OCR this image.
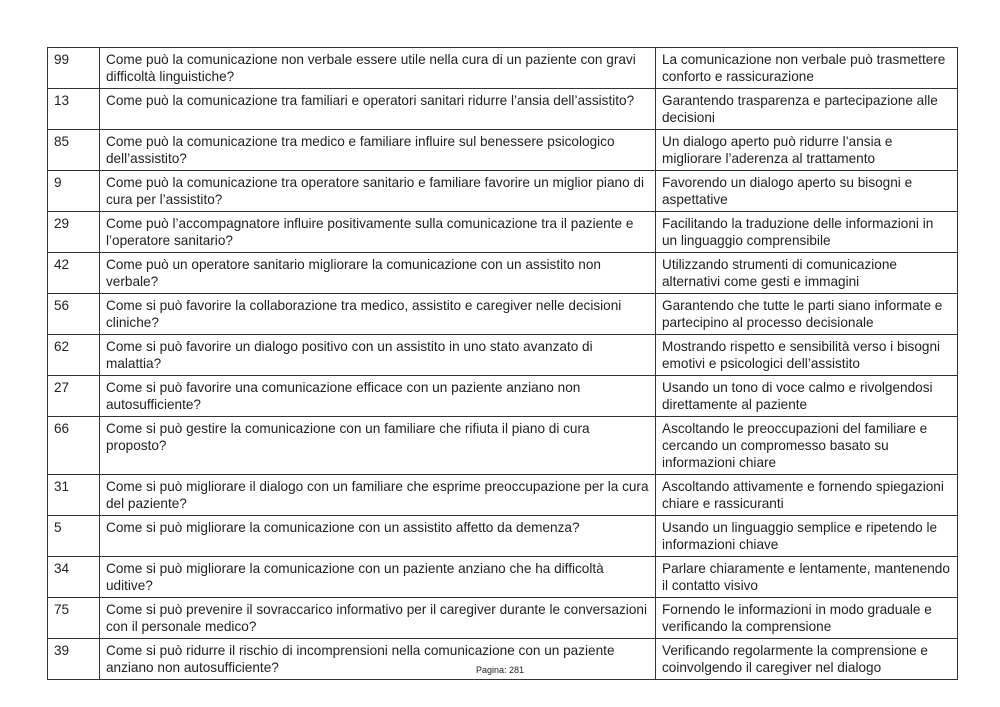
99	Come può la comunicazione non verbale essere utile nella cura di un paziente con gravi difficoltà linguistiche?	La comunicazione non verbale può trasmettere conforto e rassicurazione
13	Come può la comunicazione tra familiari e operatori sanitari ridurre l’ansia dell’assistito?	Garantendo trasparenza e partecipazione alle decisioni
85	Come può la comunicazione tra medico e familiare influire sul benessere psicologico dell’assistito?	Un dialogo aperto può ridurre l’ansia e migliorare l’aderenza al trattamento
9	Come può la comunicazione tra operatore sanitario e familiare favorire un miglior piano di cura per l’assistito?	Favorendo un dialogo aperto su bisogni e aspettative
29	Come può l’accompagnatore influire positivamente sulla comunicazione tra il paziente e l’operatore sanitario?	Facilitando la traduzione delle informazioni in un linguaggio comprensibile
42	Come può un operatore sanitario migliorare la comunicazione con un assistito non verbale?	Utilizzando strumenti di comunicazione alternativi come gesti e immagini
56	Come si può favorire la collaborazione tra medico, assistito e caregiver nelle decisioni cliniche?	Garantendo che tutte le parti siano informate e partecipino al processo decisionale
62	Come si può favorire un dialogo positivo con un assistito in uno stato avanzato di malattia?	Mostrando rispetto e sensibilità verso i bisogni emotivi e psicologici dell’assistito
27	Come si può favorire una comunicazione efficace con un paziente anziano non autosufficiente?	Usando un tono di voce calmo e rivolgendosi direttamente al paziente
66	Come si può gestire la comunicazione con un familiare che rifiuta il piano di cura proposto?	Ascoltando le preoccupazioni del familiare e cercando un compromesso basato su informazioni chiare
31	Come si può migliorare il dialogo con un familiare che esprime preoccupazione per la cura del paziente?	Ascoltando attivamente e fornendo spiegazioni chiare e rassicuranti
5	Come si può migliorare la comunicazione con un assistito affetto da demenza?	Usando un linguaggio semplice e ripetendo le informazioni chiave
34	Come si può migliorare la comunicazione con un paziente anziano che ha difficoltà uditive?	Parlare chiaramente e lentamente, mantenendo il contatto visivo
75	Come si può prevenire il sovraccarico informativo per il caregiver durante le conversazioni con il personale medico?	Fornendo le informazioni in modo graduale e verificando la comprensione
39	Come si può ridurre il rischio di incomprensioni nella comunicazione con un paziente anziano non autosufficiente?	Verificando regolarmente la comprensione e coinvolgendo il caregiver nel dialogo
Pagina: 281
